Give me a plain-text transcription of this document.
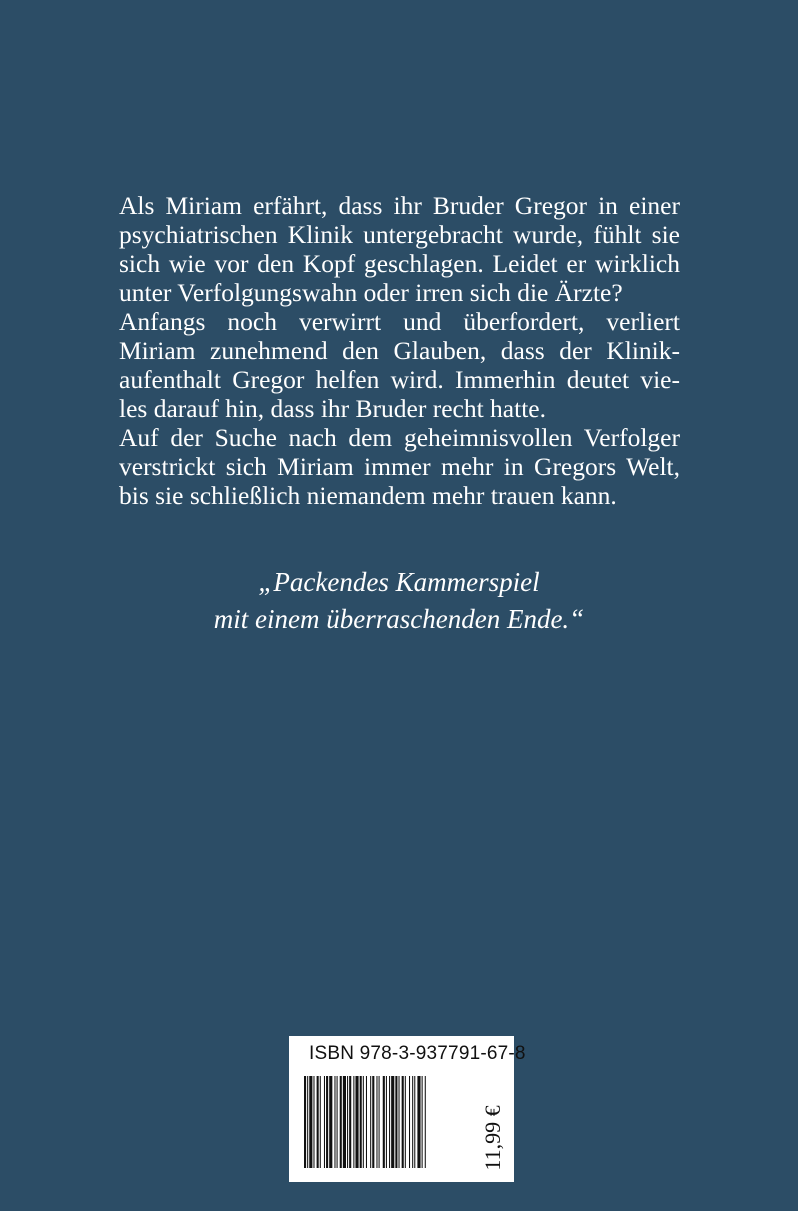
Als Miriam erfährt, dass ihr Bruder Gregor in einer
psychiatrischen Klinik untergebracht wurde, fühlt sie
sich wie vor den Kopf geschlagen. Leidet er wirklich
unter Verfolgungswahn oder irren sich die Ärzte?
Anfangs noch verwirrt und überfordert, verliert
Miriam zunehmend den Glauben, dass der Klinik-
aufenthalt Gregor helfen wird. Immerhin deutet vie-
les darauf hin, dass ihr Bruder recht hatte.
Auf der Suche nach dem geheimnisvollen Verfolger
verstrickt sich Miriam immer mehr in Gregors Welt,
bis sie schließlich niemandem mehr trauen kann.
„Packendes Kammerspiel
mit einem überraschenden Ende.“
ISBN 978-3-937791-67-8
11,99 €
